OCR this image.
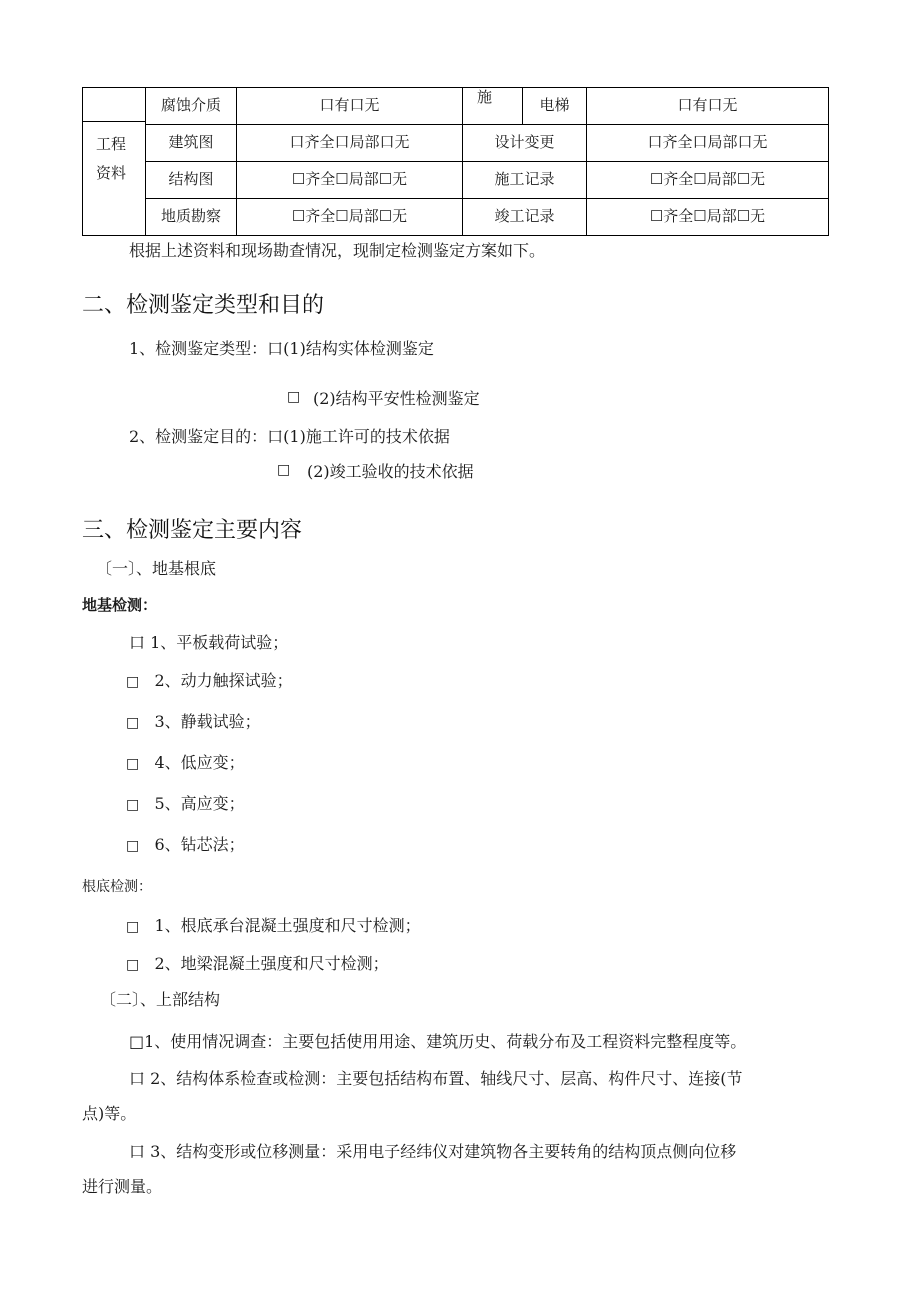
腐蚀介质	口有口无	施	电梯	口有口无
工程
资料
建筑图	口齐全口局部口无	设计变更	口齐全口局部口无
结构图	☐齐全☐局部☐无	施工记录	☐齐全☐局部☐无
地质勘察	☐齐全☐局部☐无	竣工记录	☐齐全☐局部☐无
根据上述资料和现场勘查情况，现制定检测鉴定方案如下。
二、检测鉴定类型和目的
1、检测鉴定类型：口(1)结构实体检测鉴定
□ (2)结构平安性检测鉴定
2、检测鉴定目的：口(1)施工许可的技术依据
□ (2)竣工验收的技术依据
三、检测鉴定主要内容
〔一〕、地基根底
地基检测：
口 1、平板载荷试验；
□ 2、动力触探试验；
□ 3、静载试验；
□ 4、低应变；
□ 5、高应变；
□ 6、钻芯法；
根底检测：
□ 1、根底承台混凝土强度和尺寸检测；
□ 2、地梁混凝土强度和尺寸检测；
〔二〕、上部结构
□1、使用情况调查：主要包括使用用途、建筑历史、荷载分布及工程资料完整程度等。
口 2、结构体系检查或检测：主要包括结构布置、轴线尺寸、层高、构件尺寸、连接(节
点)等。
口 3、结构变形或位移测量：采用电子经纬仪对建筑物各主要转角的结构顶点侧向位移
进行测量。
